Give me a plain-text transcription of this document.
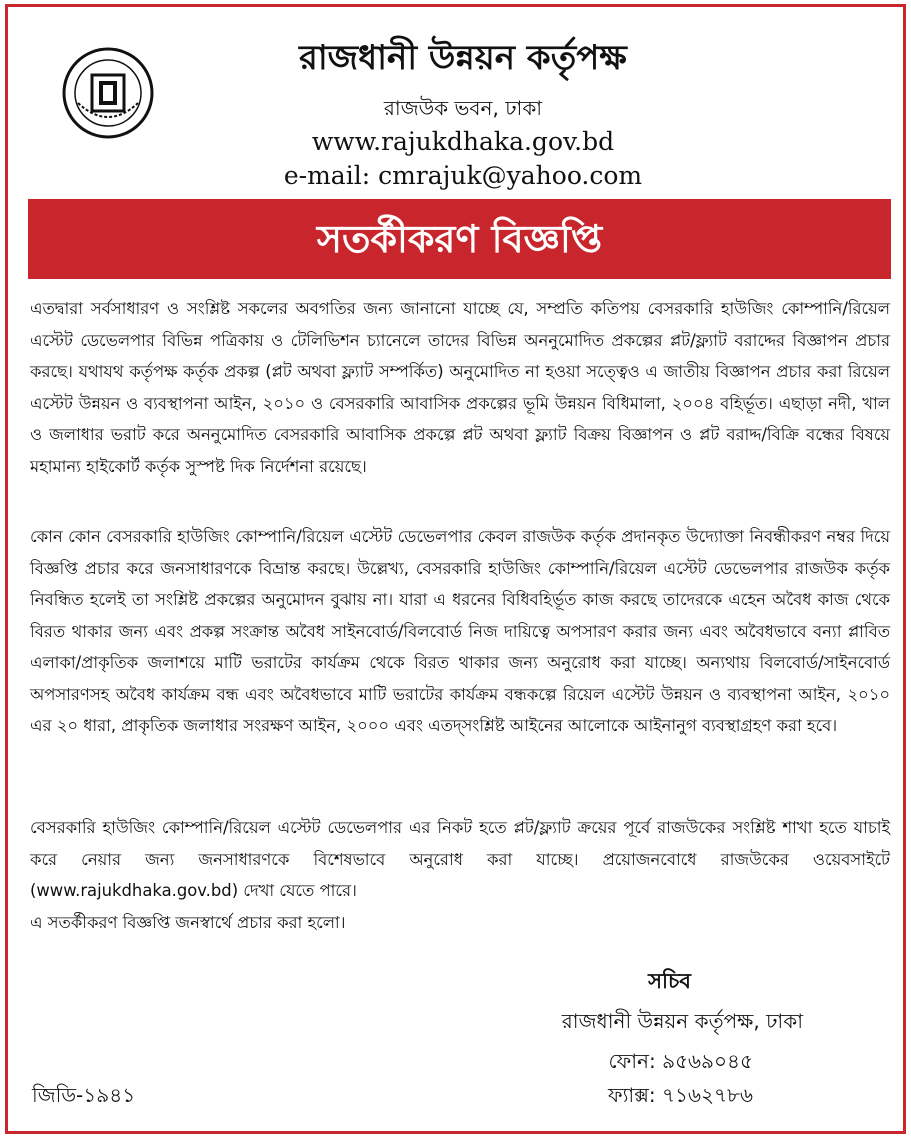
রাজধানী উন্নয়ন কর্তৃপক্ষ
রাজউক ভবন, ঢাকা
www.rajukdhaka.gov.bd
e-mail: cmrajuk@yahoo.com
সতর্কীকরণ বিজ্ঞপ্তি
এতদ্বারা সর্বসাধারণ ও সংশ্লিষ্ট সকলের অবগতির জন্য জানানো যাচ্ছে যে, সম্প্রতি কতিপয় বেসরকারি হাউজিং কোম্পানি/রিয়েল এস্টেট ডেভেলপার বিভিন্ন পত্রিকায় ও টেলিভিশন চ্যানেলে তাদের বিভিন্ন অননুমোদিত প্রকল্পের প্লট/ফ্ল্যাট বরাদ্দের বিজ্ঞাপন প্রচার করছে। যথাযথ কর্তৃপক্ষ কর্তৃক প্রকল্প (প্লট অথবা ফ্ল্যাট সম্পর্কিত) অনুমোদিত না হওয়া সত্ত্বেও এ জাতীয় বিজ্ঞাপন প্রচার করা রিয়েল এস্টেট উন্নয়ন ও ব্যবস্থাপনা আইন, ২০১০ ও বেসরকারি আবাসিক প্রকল্পের ভূমি উন্নয়ন বিধিমালা, ২০০৪ বহির্ভূত। এছাড়া নদী, খাল ও জলাধার ভরাট করে অননুমোদিত বেসরকারি আবাসিক প্রকল্পে প্লট অথবা ফ্ল্যাট বিক্রয় বিজ্ঞাপন ও প্লট বরাদ্দ/বিক্রি বন্ধের বিষয়ে মহামান্য হাইকোর্ট কর্তৃক সুস্পষ্ট দিক নির্দেশনা রয়েছে।
কোন কোন বেসরকারি হাউজিং কোম্পানি/রিয়েল এস্টেট ডেভেলপার কেবল রাজউক কর্তৃক প্রদানকৃত উদ্যোক্তা নিবন্ধীকরণ নম্বর দিয়ে বিজ্ঞপ্তি প্রচার করে জনসাধারণকে বিভ্রান্ত করছে। উল্লেখ্য, বেসরকারি হাউজিং কোম্পানি/রিয়েল এস্টেট ডেভেলপার রাজউক কর্তৃক নিবন্ধিত হলেই তা সংশ্লিষ্ট প্রকল্পের অনুমোদন বুঝায় না। যারা এ ধরনের বিধিবহির্ভূত কাজ করছে তাদেরকে এহেন অবৈধ কাজ থেকে বিরত থাকার জন্য এবং প্রকল্প সংক্রান্ত অবৈধ সাইনবোর্ড/বিলবোর্ড নিজ দায়িত্বে অপসারণ করার জন্য এবং অবৈধভাবে বন্যা প্লাবিত এলাকা/প্রাকৃতিক জলাশয়ে মাটি ভরাটের কার্যক্রম থেকে বিরত থাকার জন্য অনুরোধ করা যাচ্ছে। অন্যথায় বিলবোর্ড/সাইনবোর্ড অপসারণসহ অবৈধ কার্যক্রম বন্ধ এবং অবৈধভাবে মাটি ভরাটের কার্যক্রম বন্ধকল্পে রিয়েল এস্টেট উন্নয়ন ও ব্যবস্থাপনা আইন, ২০১০ এর ২০ ধারা, প্রাকৃতিক জলাধার সংরক্ষণ আইন, ২০০০ এবং এতদ্সংশ্লিষ্ট আইনের আলোকে আইনানুগ ব্যবস্থাগ্রহণ করা হবে।
বেসরকারি হাউজিং কোম্পানি/রিয়েল এস্টেট ডেভেলপার এর নিকট হতে প্লট/ফ্ল্যাট ক্রয়ের পূর্বে রাজউকের সংশ্লিষ্ট শাখা হতে যাচাই করে নেয়ার জন্য জনসাধারণকে বিশেষভাবে অনুরোধ করা যাচ্ছে। প্রয়োজনবোধে রাজউকের ওয়েবসাইটে (www.rajukdhaka.gov.bd) দেখা যেতে পারে।
এ সতর্কীকরণ বিজ্ঞপ্তি জনস্বার্থে প্রচার করা হলো।
সচিব
রাজধানী উন্নয়ন কর্তৃপক্ষ, ঢাকা
ফোন: ৯৫৬৯০৪৫
ফ্যাক্স: ৭১৬২৭৮৬
জিডি-১৯৪১
